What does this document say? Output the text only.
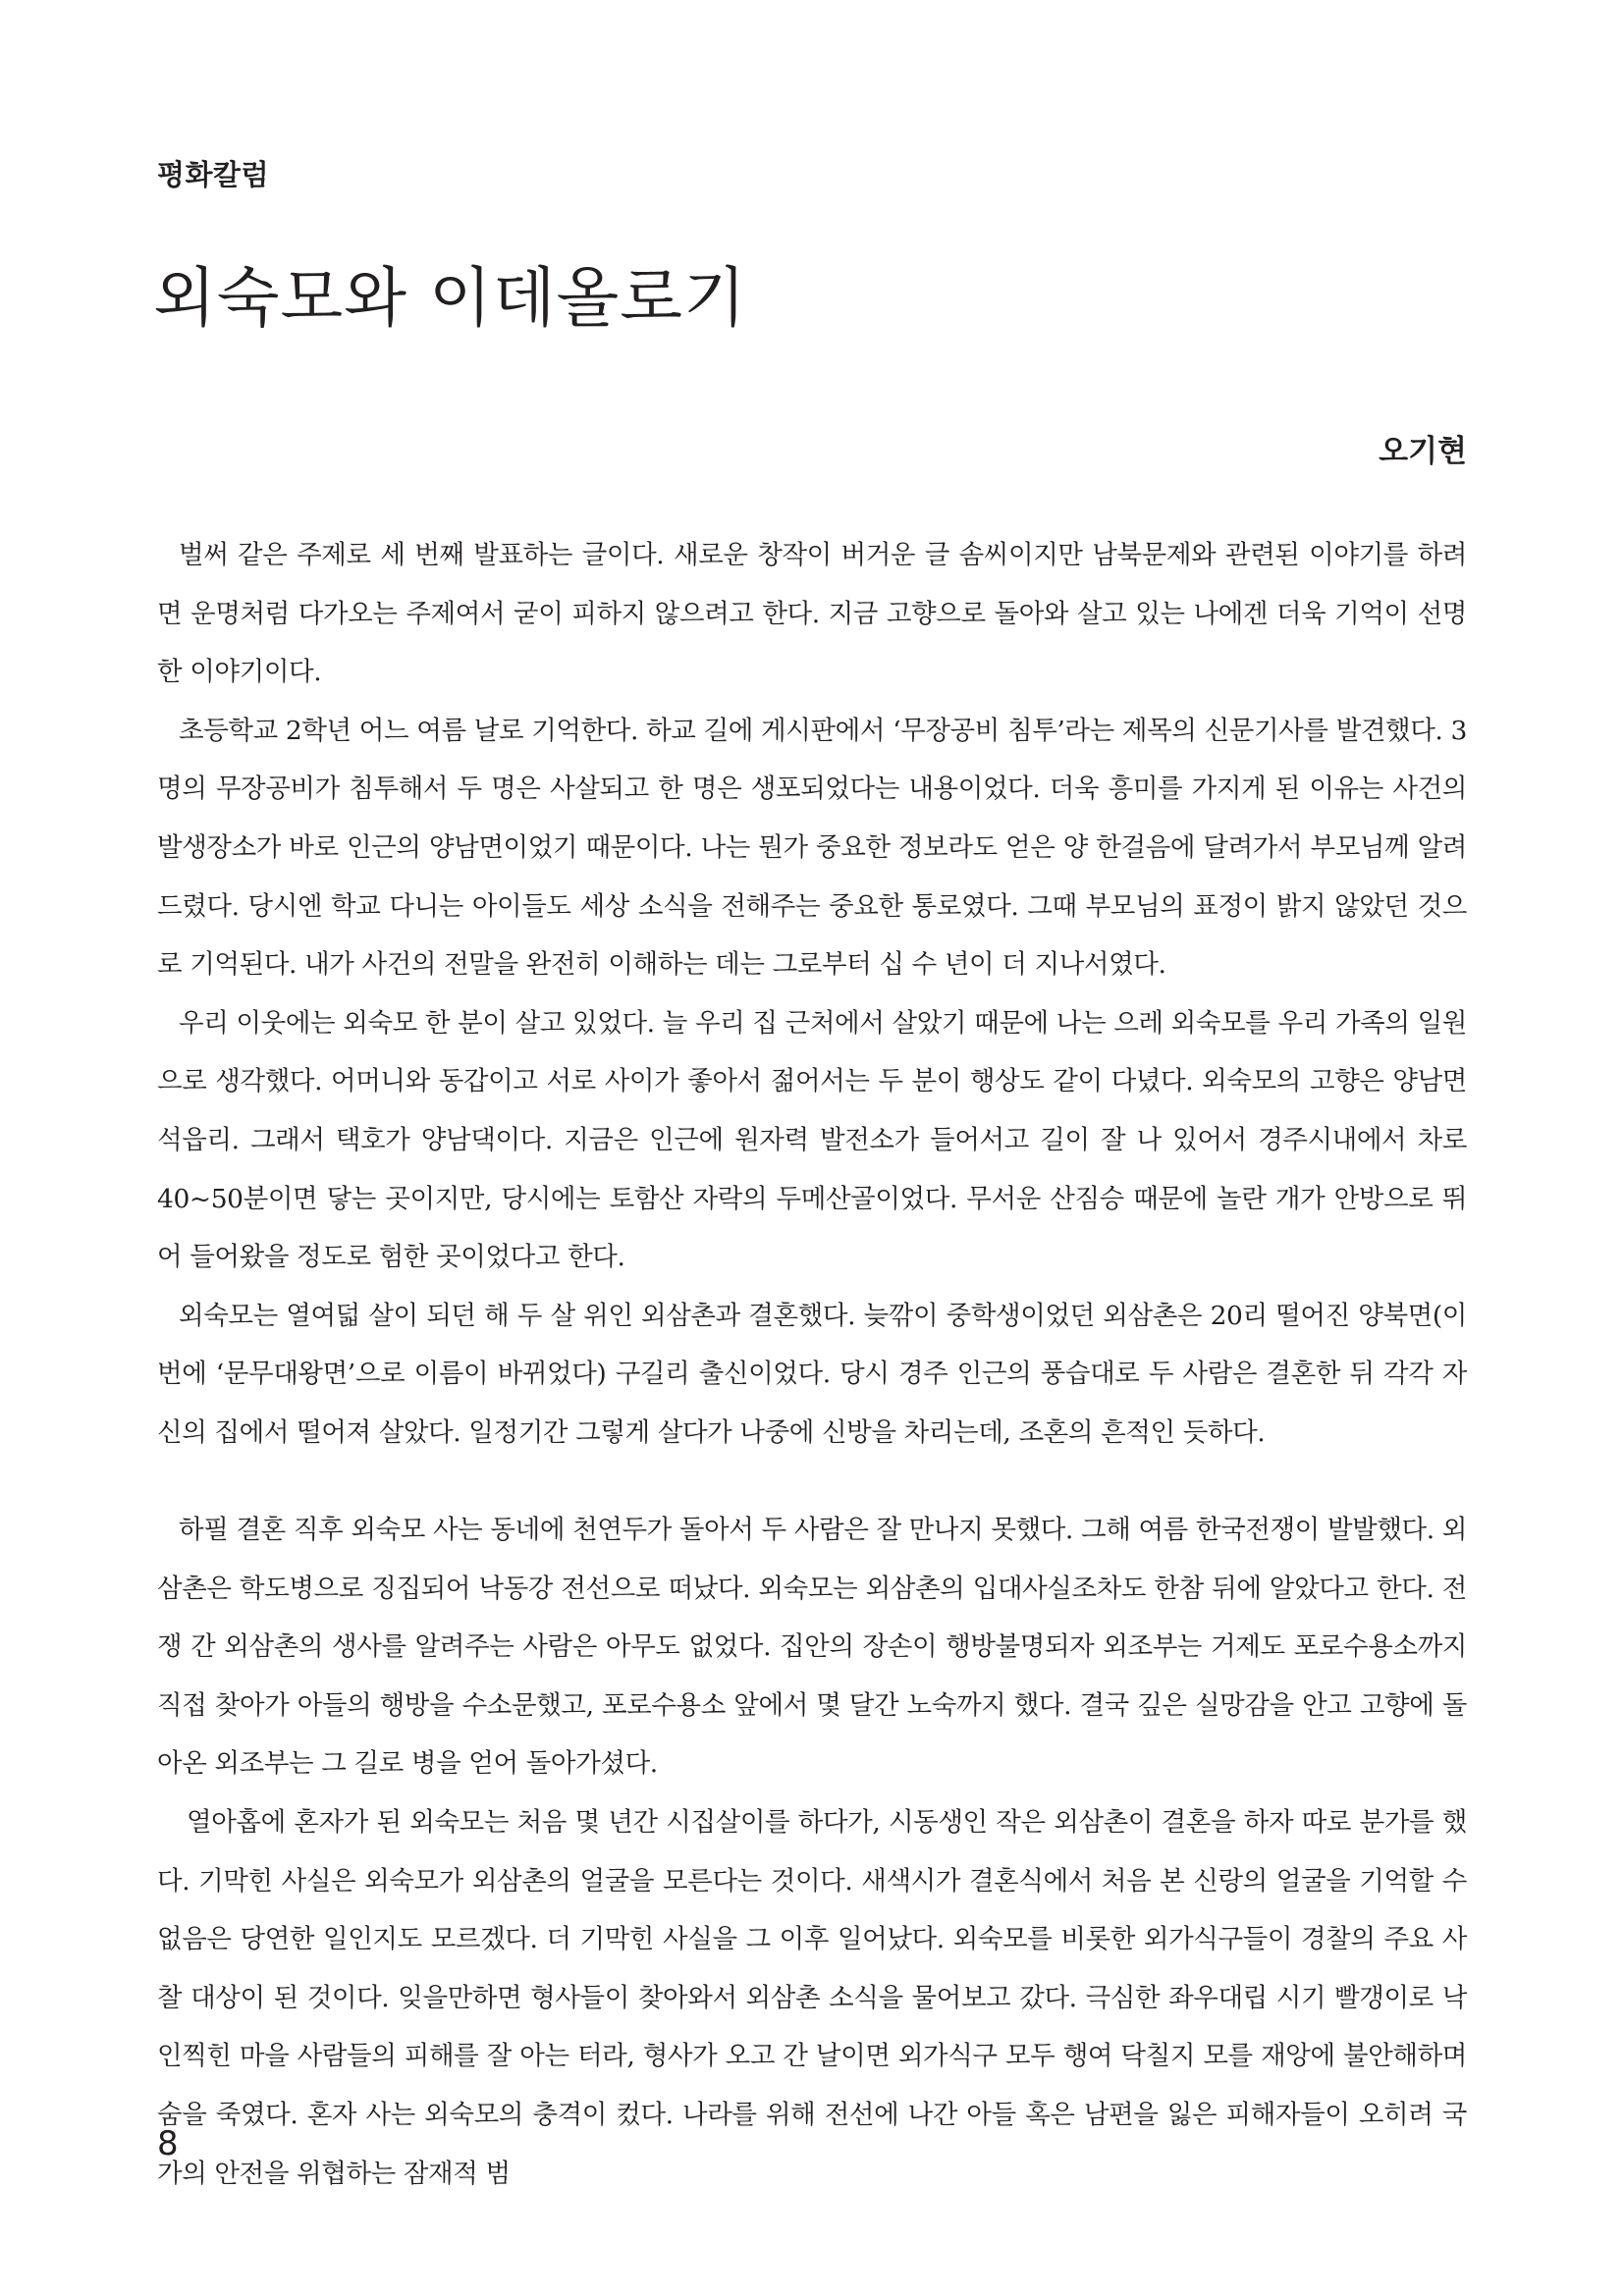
평화칼럼
외숙모와 이데올로기
오기현

벌써 같은 주제로 세 번째 발표하는 글이다. 새로운 창작이 버거운 글 솜씨이지만 남북문제와 관련된 이야기를 하려면 운명처럼 다가오는 주제여서 굳이 피하지 않으려고 한다. 지금 고향으로 돌아와 살고 있는 나에겐 더욱 기억이 선명한 이야기이다.

초등학교 2학년 어느 여름 날로 기억한다. 하교 길에 게시판에서 ‘무장공비 침투’라는 제목의 신문기사를 발견했다. 3명의 무장공비가 침투해서 두 명은 사살되고 한 명은 생포되었다는 내용이었다. 더욱 흥미를 가지게 된 이유는 사건의 발생장소가 바로 인근의 양남면이었기 때문이다. 나는 뭔가 중요한 정보라도 얻은 양 한걸음에 달려가서 부모님께 알려드렸다. 당시엔 학교 다니는 아이들도 세상 소식을 전해주는 중요한 통로였다. 그때 부모님의 표정이 밝지 않았던 것으로 기억된다. 내가 사건의 전말을 완전히 이해하는 데는 그로부터 십 수 년이 더 지나서였다.

우리 이웃에는 외숙모 한 분이 살고 있었다. 늘 우리 집 근처에서 살았기 때문에 나는 으레 외숙모를 우리 가족의 일원으로 생각했다. 어머니와 동갑이고 서로 사이가 좋아서 젊어서는 두 분이 행상도 같이 다녔다. 외숙모의 고향은 양남면 석읍리. 그래서 택호가 양남댁이다. 지금은 인근에 원자력 발전소가 들어서고 길이 잘 나 있어서 경주시내에서 차로 40~50분이면 닿는 곳이지만, 당시에는 토함산 자락의 두메산골이었다. 무서운 산짐승 때문에 놀란 개가 안방으로 뛰어 들어왔을 정도로 험한 곳이었다고 한다.

외숙모는 열여덟 살이 되던 해 두 살 위인 외삼촌과 결혼했다. 늦깎이 중학생이었던 외삼촌은 20리 떨어진 양북면(이번에 ‘문무대왕면’으로 이름이 바뀌었다) 구길리 출신이었다. 당시 경주 인근의 풍습대로 두 사람은 결혼한 뒤 각각 자신의 집에서 떨어져 살았다. 일정기간 그렇게 살다가 나중에 신방을 차리는데, 조혼의 흔적인 듯하다.

하필 결혼 직후 외숙모 사는 동네에 천연두가 돌아서 두 사람은 잘 만나지 못했다. 그해 여름 한국전쟁이 발발했다. 외삼촌은 학도병으로 징집되어 낙동강 전선으로 떠났다. 외숙모는 외삼촌의 입대사실조차도 한참 뒤에 알았다고 한다. 전쟁 간 외삼촌의 생사를 알려주는 사람은 아무도 없었다. 집안의 장손이 행방불명되자 외조부는 거제도 포로수용소까지 직접 찾아가 아들의 행방을 수소문했고, 포로수용소 앞에서 몇 달간 노숙까지 했다. 결국 깊은 실망감을 안고 고향에 돌아온 외조부는 그 길로 병을 얻어 돌아가셨다.

열아홉에 혼자가 된 외숙모는 처음 몇 년간 시집살이를 하다가, 시동생인 작은 외삼촌이 결혼을 하자 따로 분가를 했다. 기막힌 사실은 외숙모가 외삼촌의 얼굴을 모른다는 것이다. 새색시가 결혼식에서 처음 본 신랑의 얼굴을 기억할 수 없음은 당연한 일인지도 모르겠다. 더 기막힌 사실을 그 이후 일어났다. 외숙모를 비롯한 외가식구들이 경찰의 주요 사찰 대상이 된 것이다. 잊을만하면 형사들이 찾아와서 외삼촌 소식을 물어보고 갔다. 극심한 좌우대립 시기 빨갱이로 낙인찍힌 마을 사람들의 피해를 잘 아는 터라, 형사가 오고 간 날이면 외가식구 모두 행여 닥칠지 모를 재앙에 불안해하며 숨을 죽였다. 혼자 사는 외숙모의 충격이 컸다. 나라를 위해 전선에 나간 아들 혹은 남편을 잃은 피해자들이 오히려 국가의 안전을 위협하는 잠재적 범

8
